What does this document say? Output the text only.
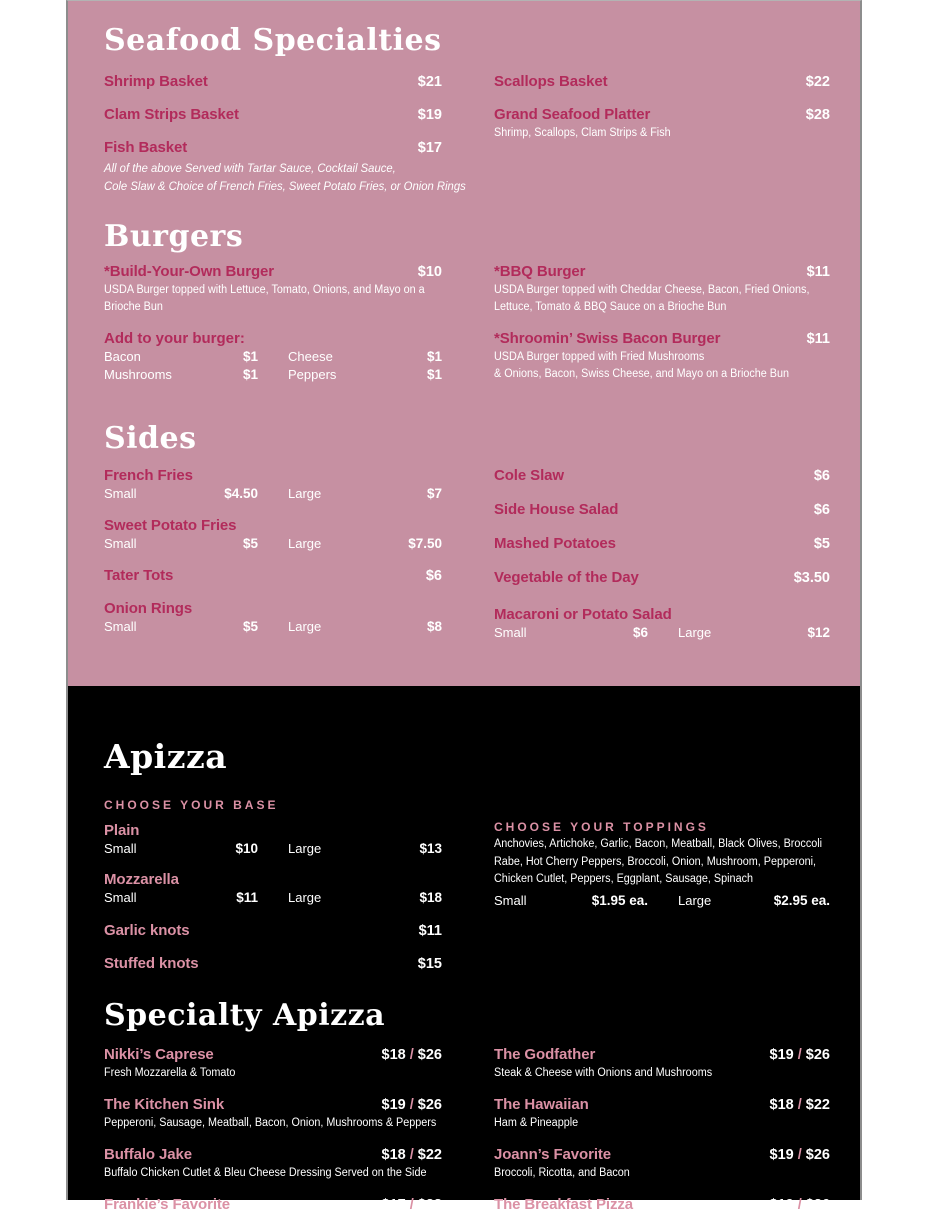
Seafood Specialties
Shrimp Basket	$21
Clam Strips Basket	$19
Fish Basket	$17
All of the above Served with Tartar Sauce, Cocktail Sauce,
Cole Slaw & Choice of French Fries, Sweet Potato Fries, or Onion Rings
Scallops Basket	$22
Grand Seafood Platter	$28
Shrimp, Scallops, Clam Strips & Fish
Burgers
*Build-Your-Own Burger	$10
USDA Burger topped with Lettuce, Tomato, Onions, and Mayo on a
Brioche Bun
Add to your burger:
Bacon	$1 Cheese	$1
Mushrooms	$1 Peppers	$1
*BBQ Burger	$11
USDA Burger topped with Cheddar Cheese, Bacon, Fried Onions,
Lettuce, Tomato & BBQ Sauce on a Brioche Bun
*Shroomin’ Swiss Bacon Burger	$11
USDA Burger topped with Fried Mushrooms
& Onions, Bacon, Swiss Cheese, and Mayo on a Brioche Bun
Sides
French Fries
Small	$4.50 Large	$7
Sweet Potato Fries
Small	$5 Large	$7.50
Tater Tots	$6
Onion Rings
Small	$5 Large	$8
Cole Slaw	$6
Side House Salad	$6
Mashed Potatoes	$5
Vegetable of the Day	$3.50
Macaroni or Potato Salad
Small	$6 Large	$12
Apizza
CHOOSE YOUR BASE
Plain
Small	$10 Large	$13
Mozzarella
Small	$11 Large	$18
Garlic knots	$11
Stuffed knots	$15
CHOOSE YOUR TOPPINGS
Anchovies, Artichoke, Garlic, Bacon, Meatball, Black Olives, Broccoli
Rabe, Hot Cherry Peppers, Broccoli, Onion, Mushroom, Pepperoni,
Chicken Cutlet, Peppers, Eggplant, Sausage, Spinach
Small	$1.95 ea. Large	$2.95 ea.
Specialty Apizza
Nikki’s Caprese	$18 / $26
Fresh Mozzarella & Tomato
The Godfather	$19 / $26
Steak & Cheese with Onions and Mushrooms
The Kitchen Sink	$19 / $26
Pepperoni, Sausage, Meatball, Bacon, Onion, Mushrooms & Peppers
The Hawaiian	$18 / $22
Ham & Pineapple
Buffalo Jake	$18 / $22
Buffalo Chicken Cutlet & Bleu Cheese Dressing Served on the Side
Joann’s Favorite	$19 / $26
Broccoli, Ricotta, and Bacon
Frankie’s Favorite	$17 / $23	The Breakfast Pizza	$19 / $26
